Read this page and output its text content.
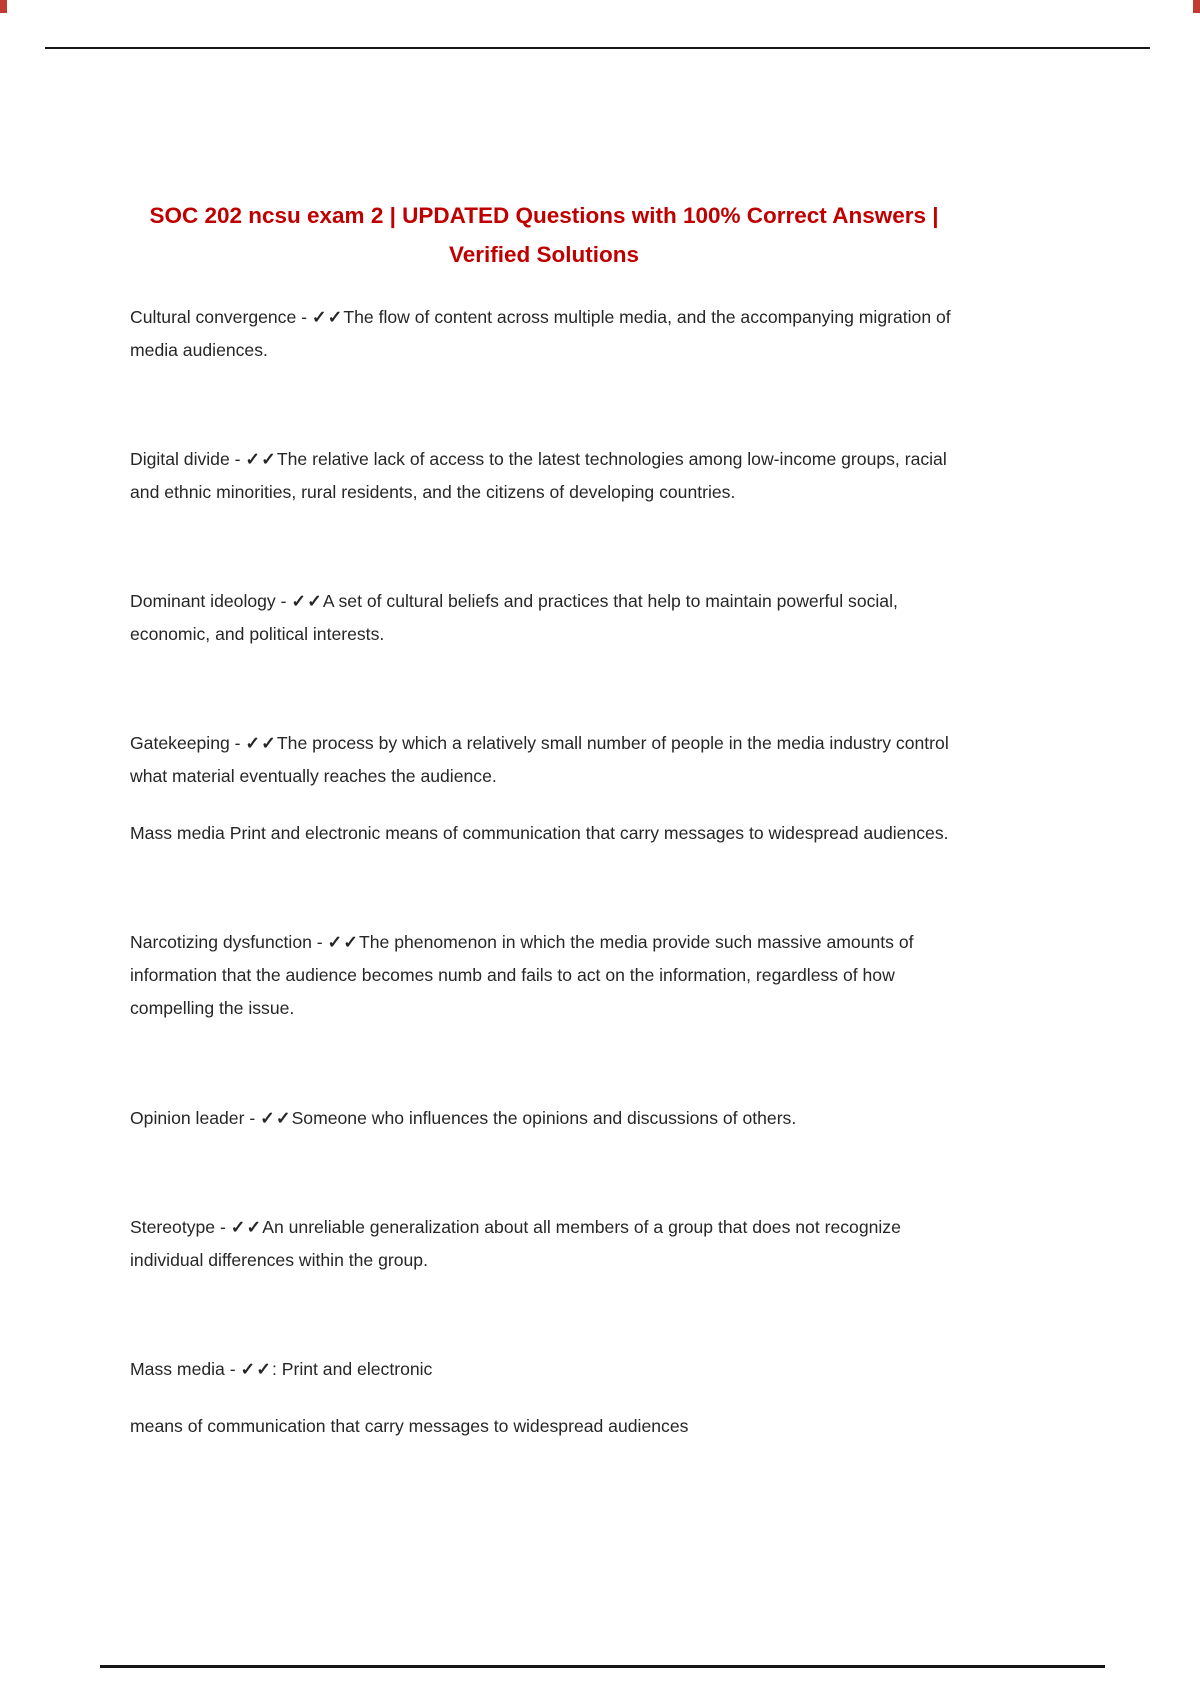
SOC 202 ncsu exam 2 | UPDATED Questions with 100% Correct Answers |
Verified Solutions

Cultural convergence - ✓✓The flow of content across multiple media, and the accompanying migration of media audiences.

Digital divide - ✓✓The relative lack of access to the latest technologies among low-income groups, racial and ethnic minorities, rural residents, and the citizens of developing countries.

Dominant ideology - ✓✓A set of cultural beliefs and practices that help to maintain powerful social, economic, and political interests.

Gatekeeping - ✓✓The process by which a relatively small number of people in the media industry control what material eventually reaches the audience.

Mass media Print and electronic means of communication that carry messages to widespread audiences.

Narcotizing dysfunction - ✓✓The phenomenon in which the media provide such massive amounts of information that the audience becomes numb and fails to act on the information, regardless of how compelling the issue.

Opinion leader - ✓✓Someone who influences the opinions and discussions of others.

Stereotype - ✓✓An unreliable generalization about all members of a group that does not recognize individual differences within the group.

Mass media - ✓✓: Print and electronic

means of communication that carry messages to widespread audiences
